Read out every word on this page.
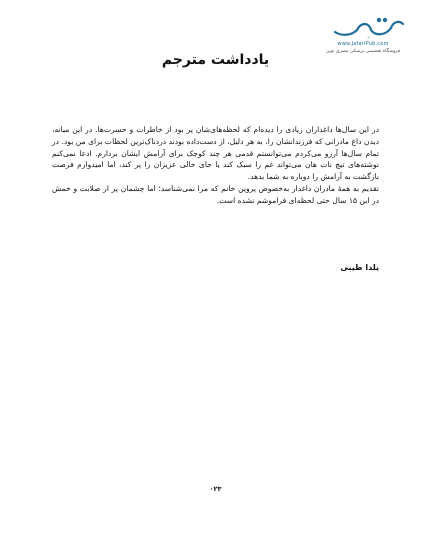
ﺑﺎﻑ
www.JafariPub.com
فروشگاه تخصصی پزشکی مصری نوین
یادداشت مترجم

در این سال‌ها داغداران زیادی را دیده‌ام که لحظه‌های‌شان پر بود از خاطرات و حسرت‌ها. در این میانه، دیدن داغ مادرانی که فرزندانشان را، به هر دلیل، از دست‌داده بودند دردناک‌ترین لحظات برای من بود. در تمام سال‌ها آرزو می‌کردم می‌توانستم قدمی هر چند کوچک برای آرامش ایشان بردارم. ادعا نمی‌کنم نوشته‌های تیچ نات هان می‌تواند غم را سبک کند یا جای خالی عزیزان را پر کند، اما امیدوارم فرصت بازگشت به آرامش را دوباره به شما بدهد.

تقدیم به همهٔ مادران داغدار به‌خصوص پروین خانم که مرا نمی‌شناسد؛ اما چشمان پر از صلابت و خمش در این ۱۵ سال حتی لحظه‌ای فراموشم نشده است.

یلدا طیبی
۰۲۳
